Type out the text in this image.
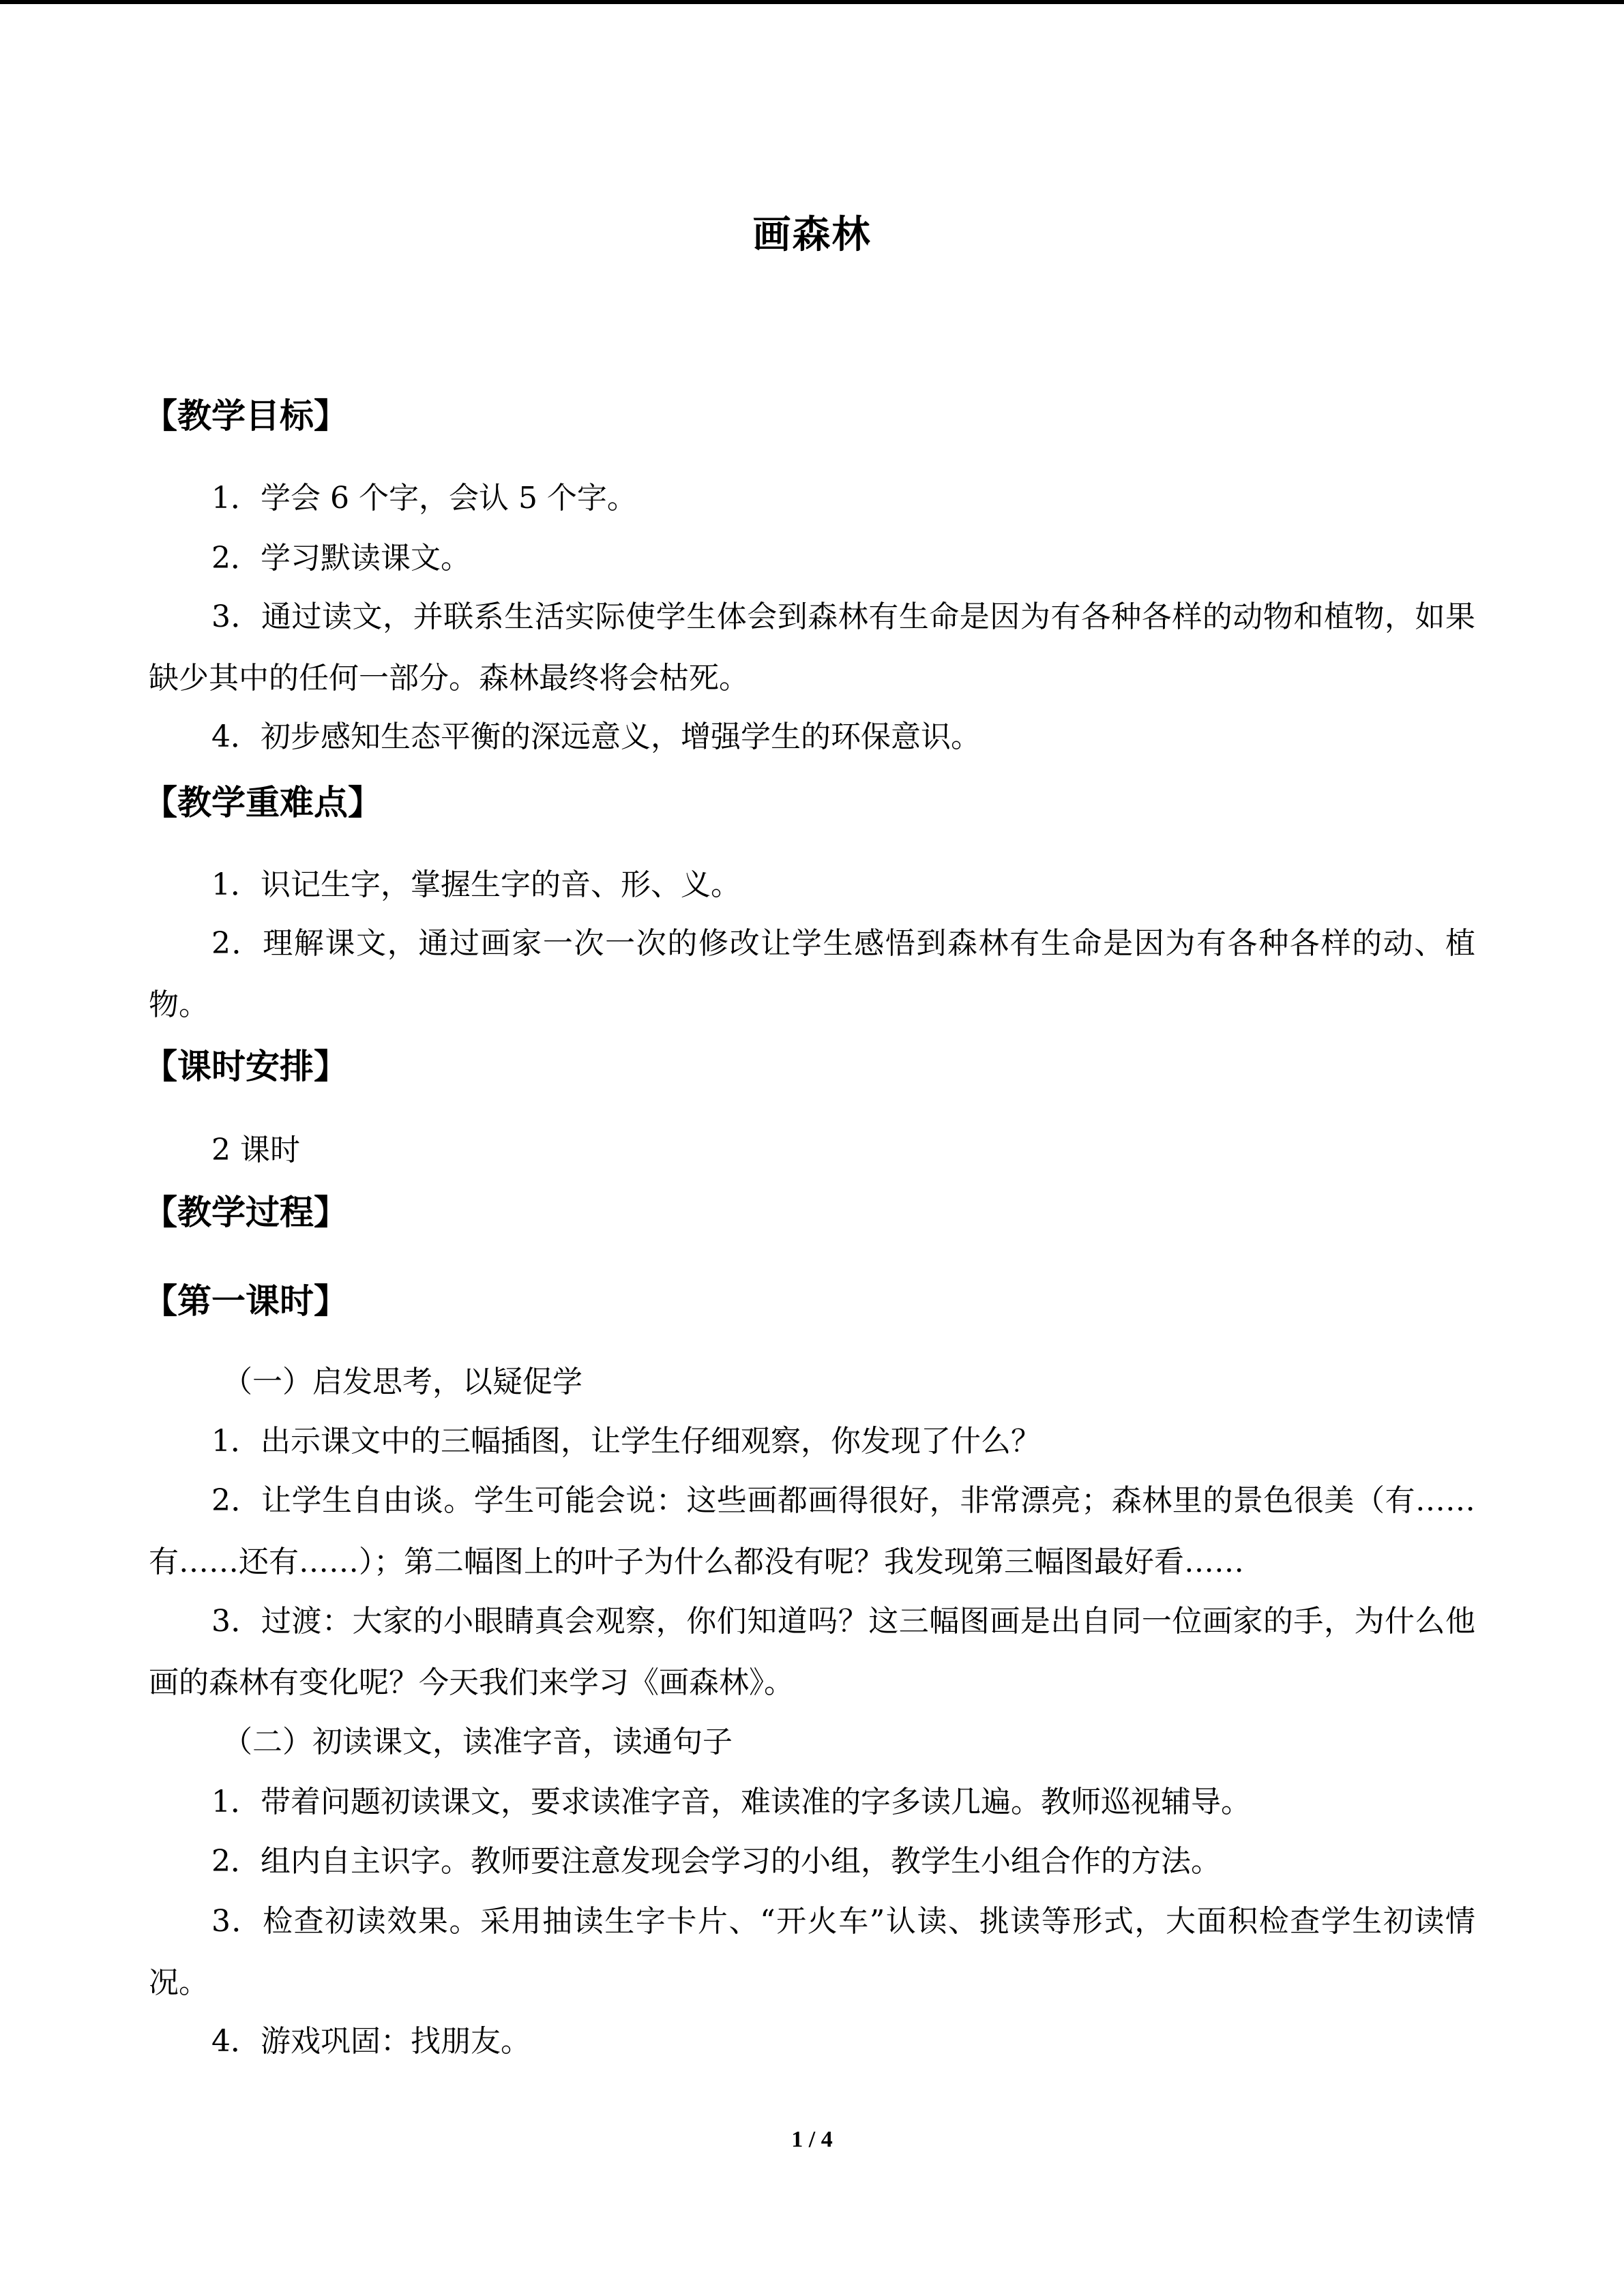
画森林
【教学目标】

1．学会 6 个字，会认 5 个字。

2．学习默读课文。

3．通过读文，并联系生活实际使学生体会到森林有生命是因为有各种各样的动物和植物，如果缺少其中的任何一部分。森林最终将会枯死。

4．初步感知生态平衡的深远意义，增强学生的环保意识。

【教学重难点】

1．识记生字，掌握生字的音、形、义。

2．理解课文，通过画家一次一次的修改让学生感悟到森林有生命是因为有各种各样的动、植物。

【课时安排】

2 课时

【教学过程】
【第一课时】

（一）启发思考，以疑促学

1．出示课文中的三幅插图，让学生仔细观察，你发现了什么？

2．让学生自由谈。学生可能会说：这些画都画得很好，非常漂亮；森林里的景色很美（有……有……还有……）；第二幅图上的叶子为什么都没有呢？我发现第三幅图最好看……

3．过渡：大家的小眼睛真会观察，你们知道吗？这三幅图画是出自同一位画家的手，为什么他画的森林有变化呢？今天我们来学习《画森林》。

（二）初读课文，读准字音，读通句子

1．带着问题初读课文，要求读准字音，难读准的字多读几遍。教师巡视辅导。

2．组内自主识字。教师要注意发现会学习的小组，教学生小组合作的方法。

3．检查初读效果。采用抽读生字卡片、“开火车”认读、挑读等形式，大面积检查学生初读情况。

4．游戏巩固：找朋友。

1 / 4
